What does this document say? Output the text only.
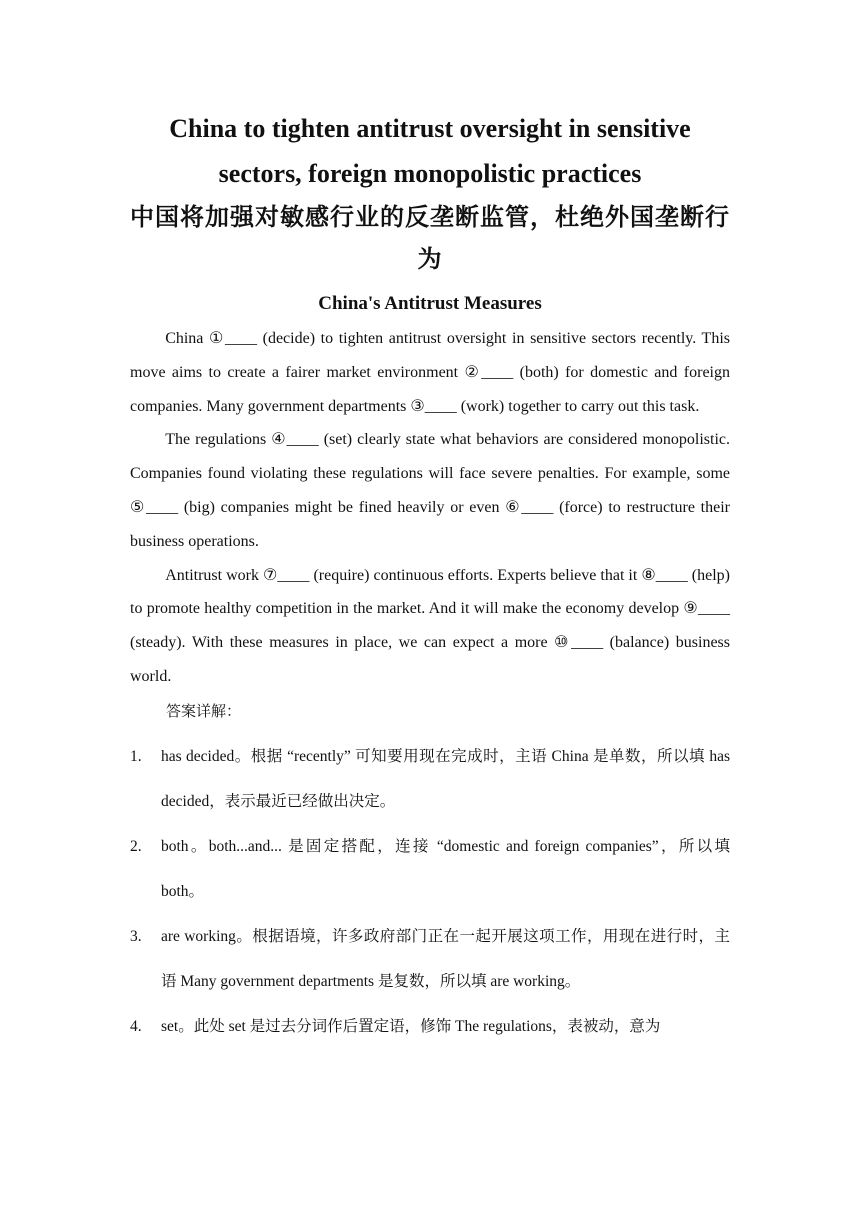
China to tighten antitrust oversight in sensitive sectors, foreign monopolistic practices
中国将加强对敏感行业的反垄断监管，杜绝外国垄断行为
China's Antitrust Measures

China ①____ (decide) to tighten antitrust oversight in sensitive sectors recently. This move aims to create a fairer market environment ②____ (both) for domestic and foreign companies. Many government departments ③____ (work) together to carry out this task.

The regulations ④____ (set) clearly state what behaviors are considered monopolistic. Companies found violating these regulations will face severe penalties. For example, some ⑤____ (big) companies might be fined heavily or even ⑥____ (force) to restructure their business operations.

Antitrust work ⑦____ (require) continuous efforts. Experts believe that it ⑧____ (help) to promote healthy competition in the market. And it will make the economy develop ⑨____ (steady). With these measures in place, we can expect a more ⑩____ (balance) business world.

答案详解：

1. has decided。根据 “recently” 可知要用现在完成时，主语 China 是单数，所以填 has decided，表示最近已经做出决定。
2. both。both...and... 是固定搭配，连接 “domestic and foreign companies”，所以填 both。
3. are working。根据语境，许多政府部门正在一起开展这项工作，用现在进行时，主语 Many government departments 是复数，所以填 are working。
4. set。此处 set 是过去分词作后置定语，修饰 The regulations，表被动，意为
